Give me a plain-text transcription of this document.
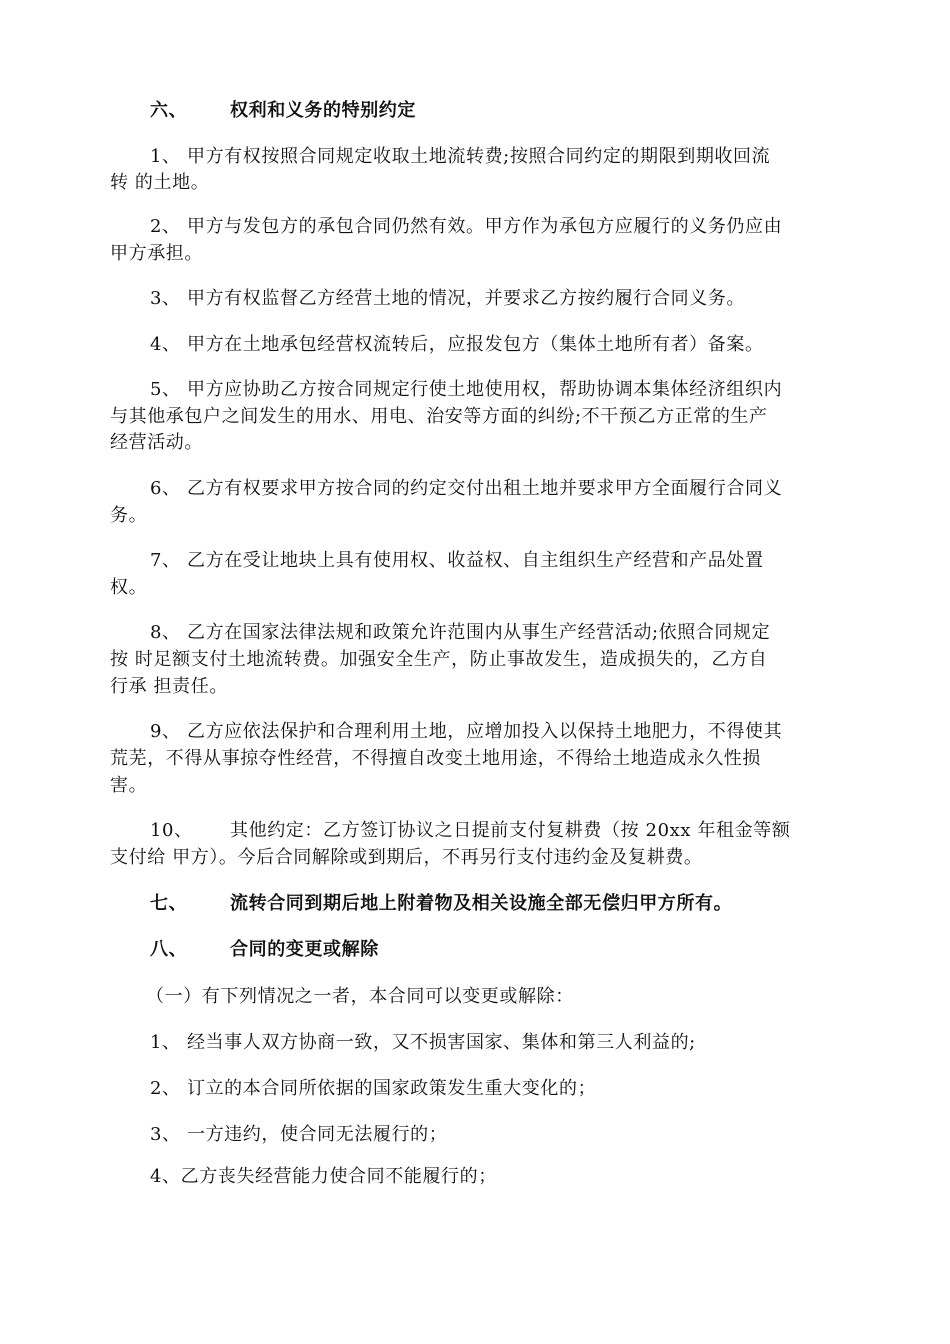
六、 权利和义务的特别约定
1、 甲方有权按照合同规定收取土地流转费;按照合同约定的期限到期收回流
转 的土地。
2、 甲方与发包方的承包合同仍然有效。甲方作为承包方应履行的义务仍应由
甲方承担。
3、 甲方有权监督乙方经营土地的情况，并要求乙方按约履行合同义务。
4、 甲方在土地承包经营权流转后，应报发包方（集体土地所有者）备案。
5、 甲方应协助乙方按合同规定行使土地使用权，帮助协调本集体经济组织内
与其他承包户之间发生的用水、用电、治安等方面的纠纷;不干预乙方正常的生产
经营活动。
6、 乙方有权要求甲方按合同的约定交付出租土地并要求甲方全面履行合同义
务。
7、 乙方在受让地块上具有使用权、收益权、自主组织生产经营和产品处置
权。
8、 乙方在国家法律法规和政策允许范围内从事生产经营活动;依照合同规定
按 时足额支付土地流转费。加强安全生产，防止事故发生，造成损失的，乙方自
行承 担责任。
9、 乙方应依法保护和合理利用土地，应增加投入以保持土地肥力，不得使其
荒芜，不得从事掠夺性经营，不得擅自改变土地用途，不得给土地造成永久性损
害。
10、 其他约定：乙方签订协议之日提前支付复耕费（按 20xx 年租金等额
支付给 甲方）。今后合同解除或到期后，不再另行支付违约金及复耕费。
七、 流转合同到期后地上附着物及相关设施全部无偿归甲方所有。
八、 合同的变更或解除
（一）有下列情况之一者，本合同可以变更或解除：
1、 经当事人双方协商一致，又不损害国家、集体和第三人利益的;
2、 订立的本合同所依据的国家政策发生重大变化的；
3、 一方违约，使合同无法履行的；
4、乙方丧失经营能力使合同不能履行的；
